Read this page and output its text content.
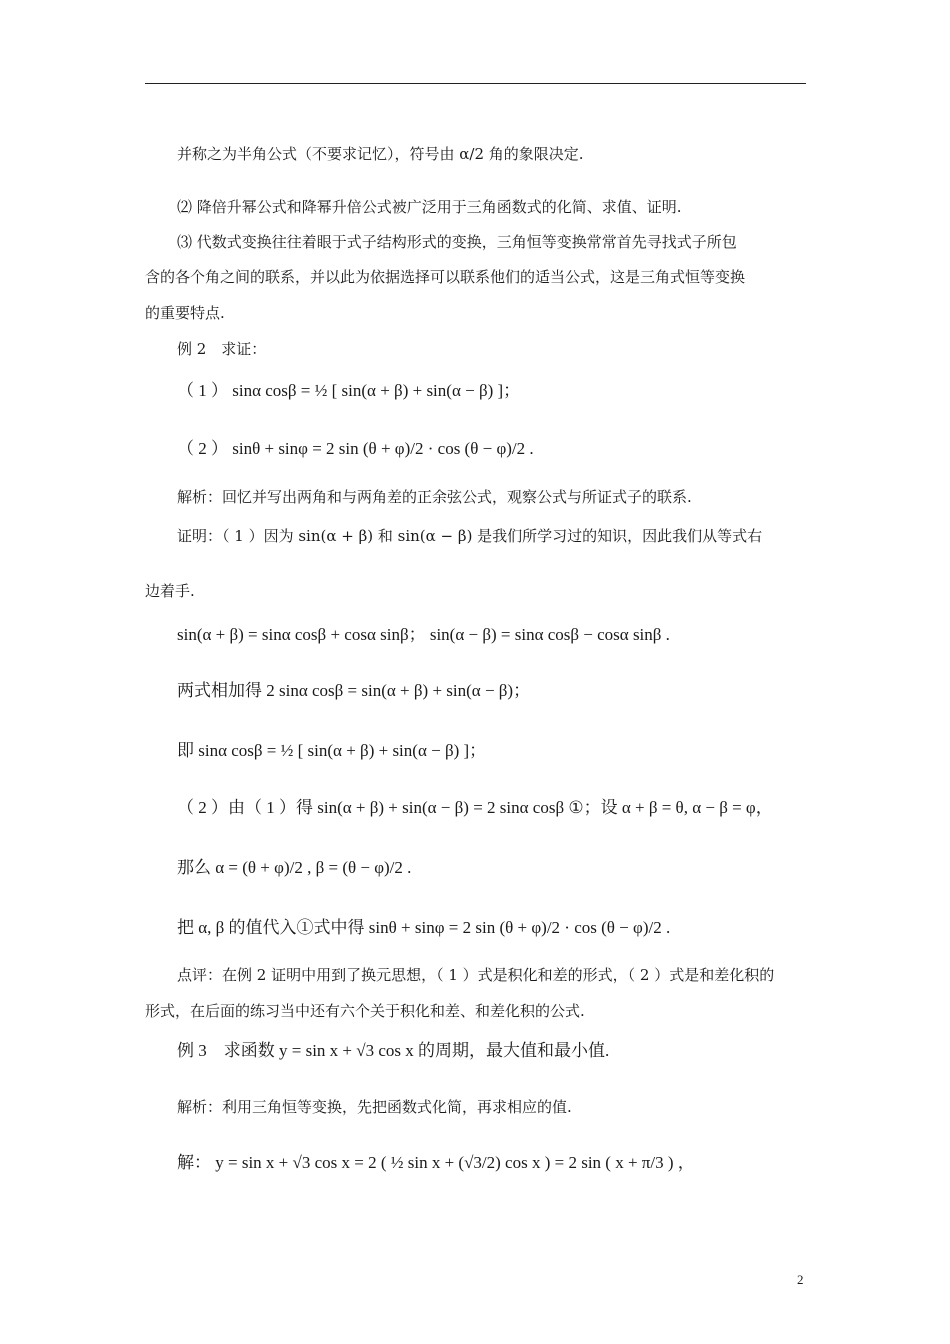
并称之为半角公式（不要求记忆），符号由 α/2 角的象限决定.
⑵ 降倍升幂公式和降幂升倍公式被广泛用于三角函数式的化简、求值、证明.
⑶ 代数式变换往往着眼于式子结构形式的变换，三角恒等变换常常首先寻找式子所包
含的各个角之间的联系，并以此为依据选择可以联系他们的适当公式，这是三角式恒等变换
的重要特点.
例 2　求证：
（ 1 ） sinα cosβ = ½ [ sin(α + β) + sin(α − β) ]；
（ 2 ） sinθ + sinφ = 2 sin (θ + φ)/2 · cos (θ − φ)/2 .
解析：回忆并写出两角和与两角差的正余弦公式，观察公式与所证式子的联系.
证明：（ 1 ）因为 sin(α + β) 和 sin(α − β) 是我们所学习过的知识，因此我们从等式右
边着手.
sin(α + β) = sinα cosβ + cosα sinβ； sin(α − β) = sinα cosβ − cosα sinβ .
两式相加得 2 sinα cosβ = sin(α + β) + sin(α − β)；
即 sinα cosβ = ½ [ sin(α + β) + sin(α − β) ]；
（ 2 ）由（ 1 ）得 sin(α + β) + sin(α − β) = 2 sinα cosβ ①；设 α + β = θ, α − β = φ，
那么 α = (θ + φ)/2 , β = (θ − φ)/2 .
把 α, β 的值代入①式中得 sinθ + sinφ = 2 sin (θ + φ)/2 · cos (θ − φ)/2 .
点评：在例 2 证明中用到了换元思想，（ 1 ）式是积化和差的形式，（ 2 ）式是和差化积的
形式，在后面的练习当中还有六个关于积化和差、和差化积的公式.
例 3　求函数 y = sin x + √3 cos x 的周期，最大值和最小值.
解析：利用三角恒等变换，先把函数式化简，再求相应的值.
解： y = sin x + √3 cos x = 2 ( ½ sin x + (√3/2) cos x ) = 2 sin ( x + π/3 ) ，
2
